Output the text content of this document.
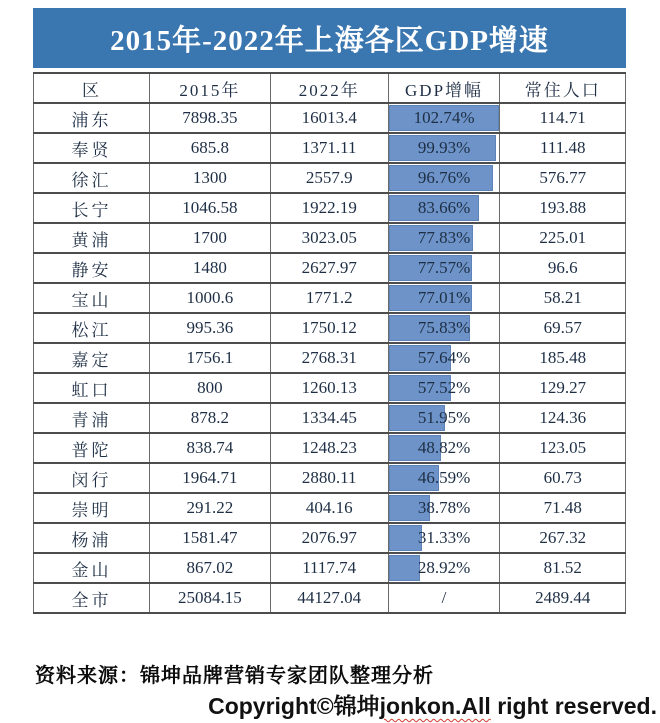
2015年-2022年上海各区GDP增速
区	2015年	2022年	GDP增幅	常住人口
浦东	7898.35	16013.4	102.74%	114.71
奉贤	685.8	1371.11	99.93%	111.48
徐汇	1300	2557.9	96.76%	576.77
长宁	1046.58	1922.19	83.66%	193.88
黄浦	1700	3023.05	77.83%	225.01
静安	1480	2627.97	77.57%	96.6
宝山	1000.6	1771.2	77.01%	58.21
松江	995.36	1750.12	75.83%	69.57
嘉定	1756.1	2768.31	57.64%	185.48
虹口	800	1260.13	57.52%	129.27
青浦	878.2	1334.45	51.95%	124.36
普陀	838.74	1248.23	48.82%	123.05
闵行	1964.71	2880.11	46.59%	60.73
崇明	291.22	404.16	38.78%	71.48
杨浦	1581.47	2076.97	31.33%	267.32
金山	867.02	1117.74	28.92%	81.52
全市	25084.15	44127.04	/	2489.44
资料来源：锦坤品牌营销专家团队整理分析
Copyright©锦坤jonkon.All right reserved.
